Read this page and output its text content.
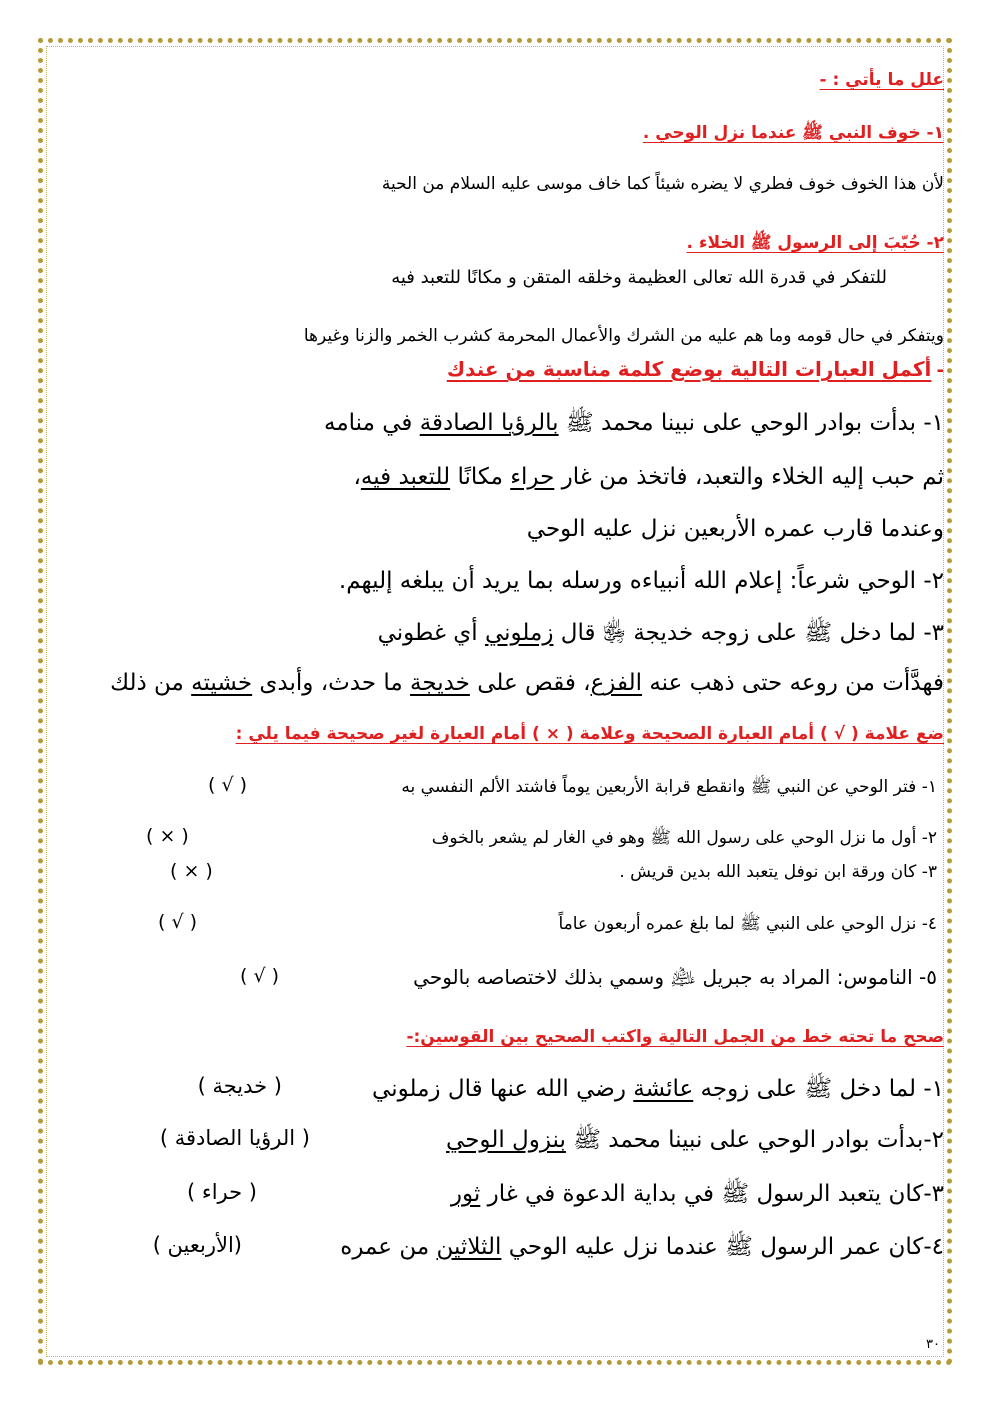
علل ما يأتي : -
١- خوف النبي ﷺ عندما نزل الوحي .
لأن هذا الخوف خوف فطري لا يضره شيئاً كما خاف موسى عليه السلام من الحية
٢- حُبّبَ إلى الرسول ﷺ الخلاء .
للتفكر في قدرة الله تعالى العظيمة وخلقه المتقن و مكانًا للتعبد فيه
ويتفكر في حال قومه وما هم عليه من الشرك والأعمال المحرمة كشرب الخمر والزنا وغيرها
- أكمل العبارات التالية بوضع كلمة مناسبة من عندك
١- بدأت بوادر الوحي على نبينا محمد ﷺ بالرؤيا الصادقة في منامه
ثم حبب إليه الخلاء والتعبد، فاتخذ من غار حراء مكانًا للتعبد فيه،
وعندما قارب عمره الأربعين نزل عليه الوحي
٢- الوحي شرعاً: إعلام الله أنبياءه ورسله بما يريد أن يبلغه إليهم.
٣- لما دخل ﷺ على زوجه خديجة ﵂ قال زملوني أي غطوني
فهدَّأت من روعه حتى ذهب عنه الفزع، فقص على خديجة ما حدث، وأبدى خشيته من ذلك
ضع علامة ( √ ) أمام العبارة الصحيحة وعلامة ( × ) أمام العبارة لغير صحيحة فيما يلي :
١- فتر الوحي عن النبي ﷺ وانقطع قرابة الأربعين يوماً فاشتد الألم النفسي به
( √ )
٢- أول ما نزل الوحي على رسول الله ﷺ وهو في الغار لم يشعر بالخوف
( × )
٣- كان ورقة ابن نوفل يتعبد الله بدين قريش .
( × )
٤- نزل الوحي على النبي ﷺ لما بلغ عمره أربعون عاماً
( √ )
٥- الناموس: المراد به جبريل ﵇ وسمي بذلك لاختصاصه بالوحي
( √ )
صحح ما تحته خط من الجمل التالية واكتب الصحيح بين القوسين:-
١- لما دخل ﷺ على زوجه عائشة رضي الله عنها قال زملوني
( خديجة )
٢-بدأت بوادر الوحي على نبينا محمد ﷺ بنزول الوحي
( الرؤيا الصادقة )
٣-كان يتعبد الرسول ﷺ في بداية الدعوة في غار ثور
( حراء )
٤-كان عمر الرسول ﷺ عندما نزل عليه الوحي الثلاثين من عمره
(الأربعين )
٣٠
